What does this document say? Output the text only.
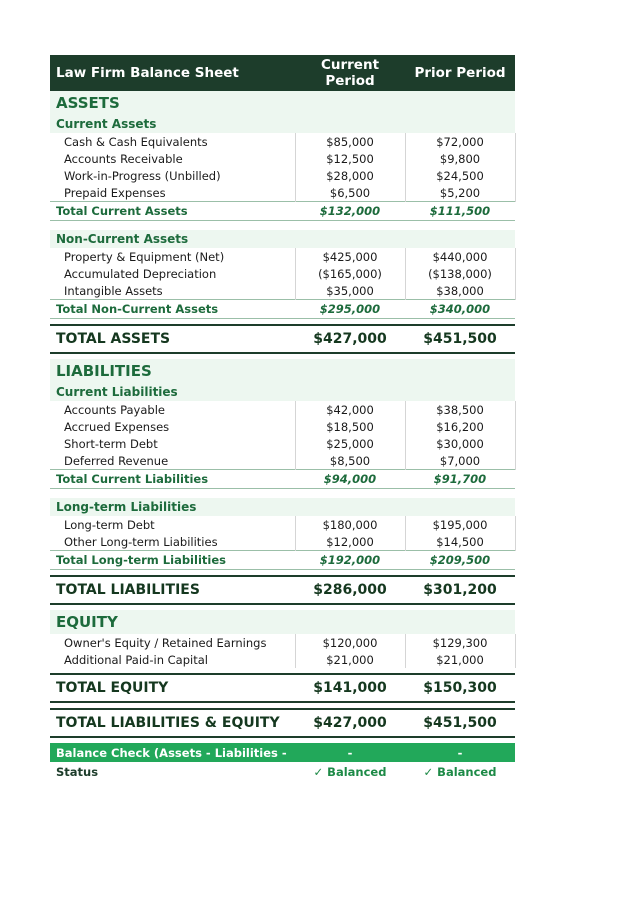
Law Firm Balance Sheet	Current Period	Prior Period
ASSETS		
Current Assets		
Cash & Cash Equivalents	$85,000	$72,000
Accounts Receivable	$12,500	$9,800
Work-in-Progress (Unbilled)	$28,000	$24,500
Prepaid Expenses	$6,500	$5,200
Total Current Assets	$132,000	$111,500

Non-Current Assets		
Property & Equipment (Net)	$425,000	$440,000
Accumulated Depreciation	($165,000)	($138,000)
Intangible Assets	$35,000	$38,000
Total Non-Current Assets	$295,000	$340,000

TOTAL ASSETS	$427,000	$451,500

LIABILITIES		
Current Liabilities		
Accounts Payable	$42,000	$38,500
Accrued Expenses	$18,500	$16,200
Short-term Debt	$25,000	$30,000
Deferred Revenue	$8,500	$7,000
Total Current Liabilities	$94,000	$91,700

Long-term Liabilities		
Long-term Debt	$180,000	$195,000
Other Long-term Liabilities	$12,000	$14,500
Total Long-term Liabilities	$192,000	$209,500

TOTAL LIABILITIES	$286,000	$301,200

EQUITY		
Owner's Equity / Retained Earnings	$120,000	$129,300
Additional Paid-in Capital	$21,000	$21,000

TOTAL EQUITY	$141,000	$150,300

TOTAL LIABILITIES & EQUITY	$427,000	$451,500

Balance Check (Assets - Liabilities -	-	-
Status	✓ Balanced	✓ Balanced
